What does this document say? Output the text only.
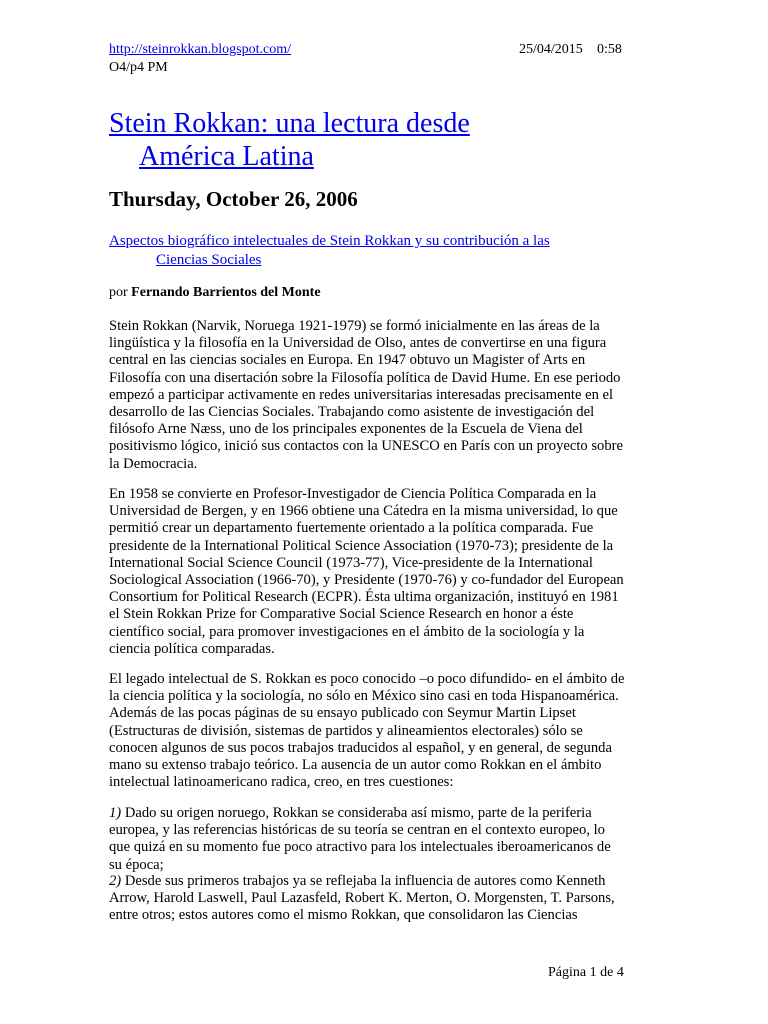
http://steinrokkan.blogspot.com/	25/04/2015 0:58
O4/p4 PM
Stein Rokkan: una lectura desde
América Latina
Thursday, October 26, 2006
Aspectos biográfico intelectuales de Stein Rokkan y su contribución a las
Ciencias Sociales
por Fernando Barrientos del Monte
Stein Rokkan (Narvik, Noruega 1921-1979) se formó inicialmente en las áreas de la
lingüística y la filosofía en la Universidad de Olso, antes de convertirse en una figura
central en las ciencias sociales en Europa. En 1947 obtuvo un Magister of Arts en
Filosofía con una disertación sobre la Filosofía política de David Hume. En ese periodo
empezó a participar activamente en redes universitarias interesadas precisamente en el
desarrollo de las Ciencias Sociales. Trabajando como asistente de investigación del
filósofo Arne Næss, uno de los principales exponentes de la Escuela de Viena del
positivismo lógico, inició sus contactos con la UNESCO en París con un proyecto sobre
la Democracia.
En 1958 se convierte en Profesor-Investigador de Ciencia Política Comparada en la
Universidad de Bergen, y en 1966 obtiene una Cátedra en la misma universidad, lo que
permitió crear un departamento fuertemente orientado a la política comparada. Fue
presidente de la International Political Science Association (1970-73); presidente de la
International Social Science Council (1973-77), Vice-presidente de la International
Sociological Association (1966-70), y Presidente (1970-76) y co-fundador del European
Consortium for Political Research (ECPR). Ésta ultima organización, instituyó en 1981
el Stein Rokkan Prize for Comparative Social Science Research en honor a éste
científico social, para promover investigaciones en el ámbito de la sociología y la
ciencia política comparadas.
El legado intelectual de S. Rokkan es poco conocido –o poco difundido- en el ámbito de
la ciencia política y la sociología, no sólo en México sino casi en toda Hispanoamérica.
Además de las pocas páginas de su ensayo publicado con Seymur Martin Lipset
(Estructuras de división, sistemas de partidos y alineamientos electorales) sólo se
conocen algunos de sus pocos trabajos traducidos al español, y en general, de segunda
mano su extenso trabajo teórico. La ausencia de un autor como Rokkan en el ámbito
intelectual latinoamericano radica, creo, en tres cuestiones:
1) Dado su origen noruego, Rokkan se consideraba así mismo, parte de la periferia
europea, y las referencias históricas de su teoría se centran en el contexto europeo, lo
que quizá en su momento fue poco atractivo para los intelectuales iberoamericanos de
su época;
2) Desde sus primeros trabajos ya se reflejaba la influencia de autores como Kenneth
Arrow, Harold Laswell, Paul Lazasfeld, Robert K. Merton, O. Morgensten, T. Parsons,
entre otros; estos autores como el mismo Rokkan, que consolidaron las Ciencias
Página 1 de 4
